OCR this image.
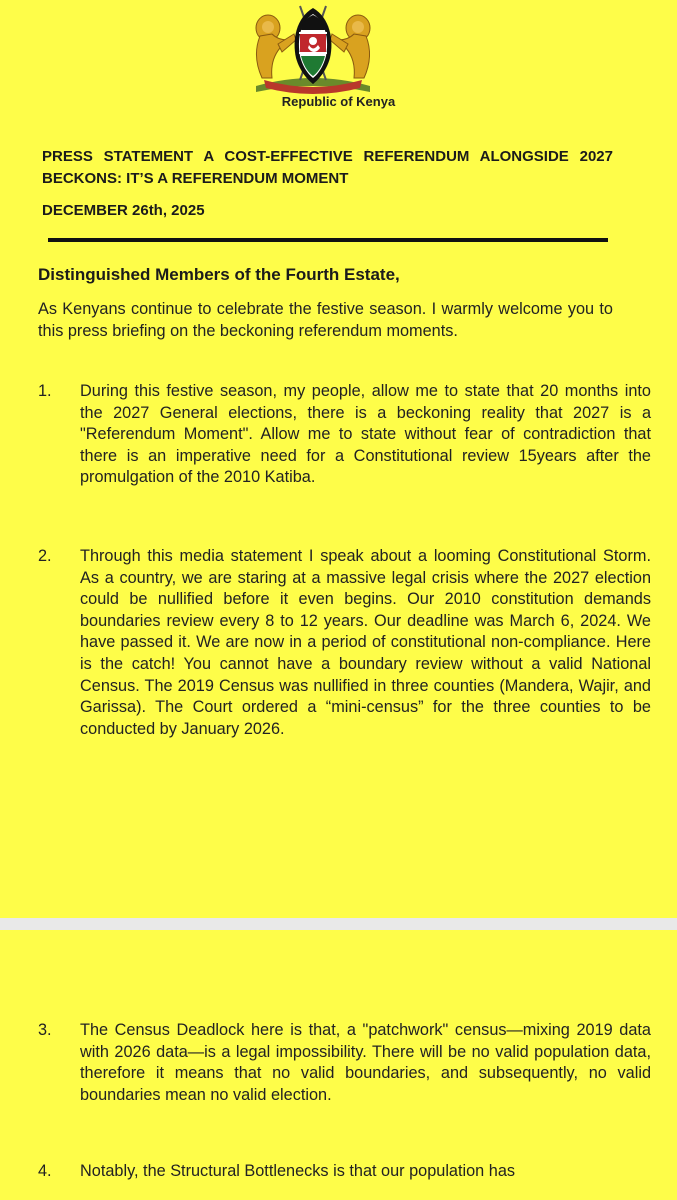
Republic of Kenya
PRESS STATEMENT A COST-EFFECTIVE REFERENDUM ALONGSIDE 2027 BECKONS: IT’S A REFERENDUM MOMENT
DECEMBER 26th, 2025
Distinguished Members of the Fourth Estate,
As Kenyans continue to celebrate the festive season. I warmly welcome you to this press briefing on the beckoning referendum moments.
1. During this festive season, my people, allow me to state that 20 months into the 2027 General elections, there is a beckoning reality that 2027 is a "Referendum Moment". Allow me to state without fear of contradiction that there is an imperative need for a Constitutional review 15years after the promulgation of the 2010 Katiba.
2. Through this media statement I speak about a looming Constitutional Storm. As a country, we are staring at a massive legal crisis where the 2027 election could be nullified before it even begins. Our 2010 constitution demands boundaries review every 8 to 12 years. Our deadline was March 6, 2024. We have passed it. We are now in a period of constitutional non-compliance. Here is the catch! You cannot have a boundary review without a valid National Census. The 2019 Census was nullified in three counties (Mandera, Wajir, and Garissa). The Court ordered a “mini-census” for the three counties to be conducted by January 2026.
3. The Census Deadlock here is that, a "patchwork" census—mixing 2019 data with 2026 data—is a legal impossibility. There will be no valid population data, therefore it means that no valid boundaries, and subsequently, no valid boundaries mean no valid election.
4. Notably, the Structural Bottlenecks is that our population has
